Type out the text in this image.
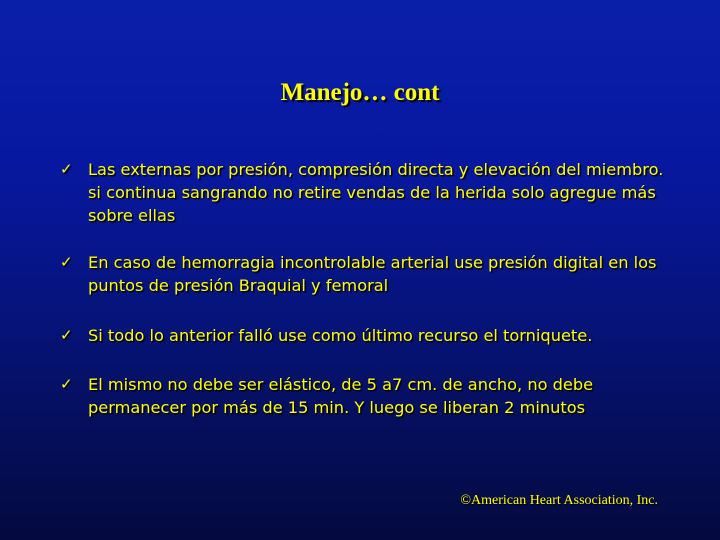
Manejo… cont
✓ Las externas por presión, compresión directa y elevación del miembro. si continua sangrando no retire vendas de la herida solo agregue más sobre ellas
✓ En caso de hemorragia incontrolable arterial use presión digital en los puntos de presión Braquial y femoral
✓ Si todo lo anterior falló use como último recurso el torniquete.
✓ El mismo no debe ser elástico, de 5 a7 cm. de ancho, no debe permanecer por más de 15 min. Y luego se liberan 2 minutos
©American Heart Association, Inc.
